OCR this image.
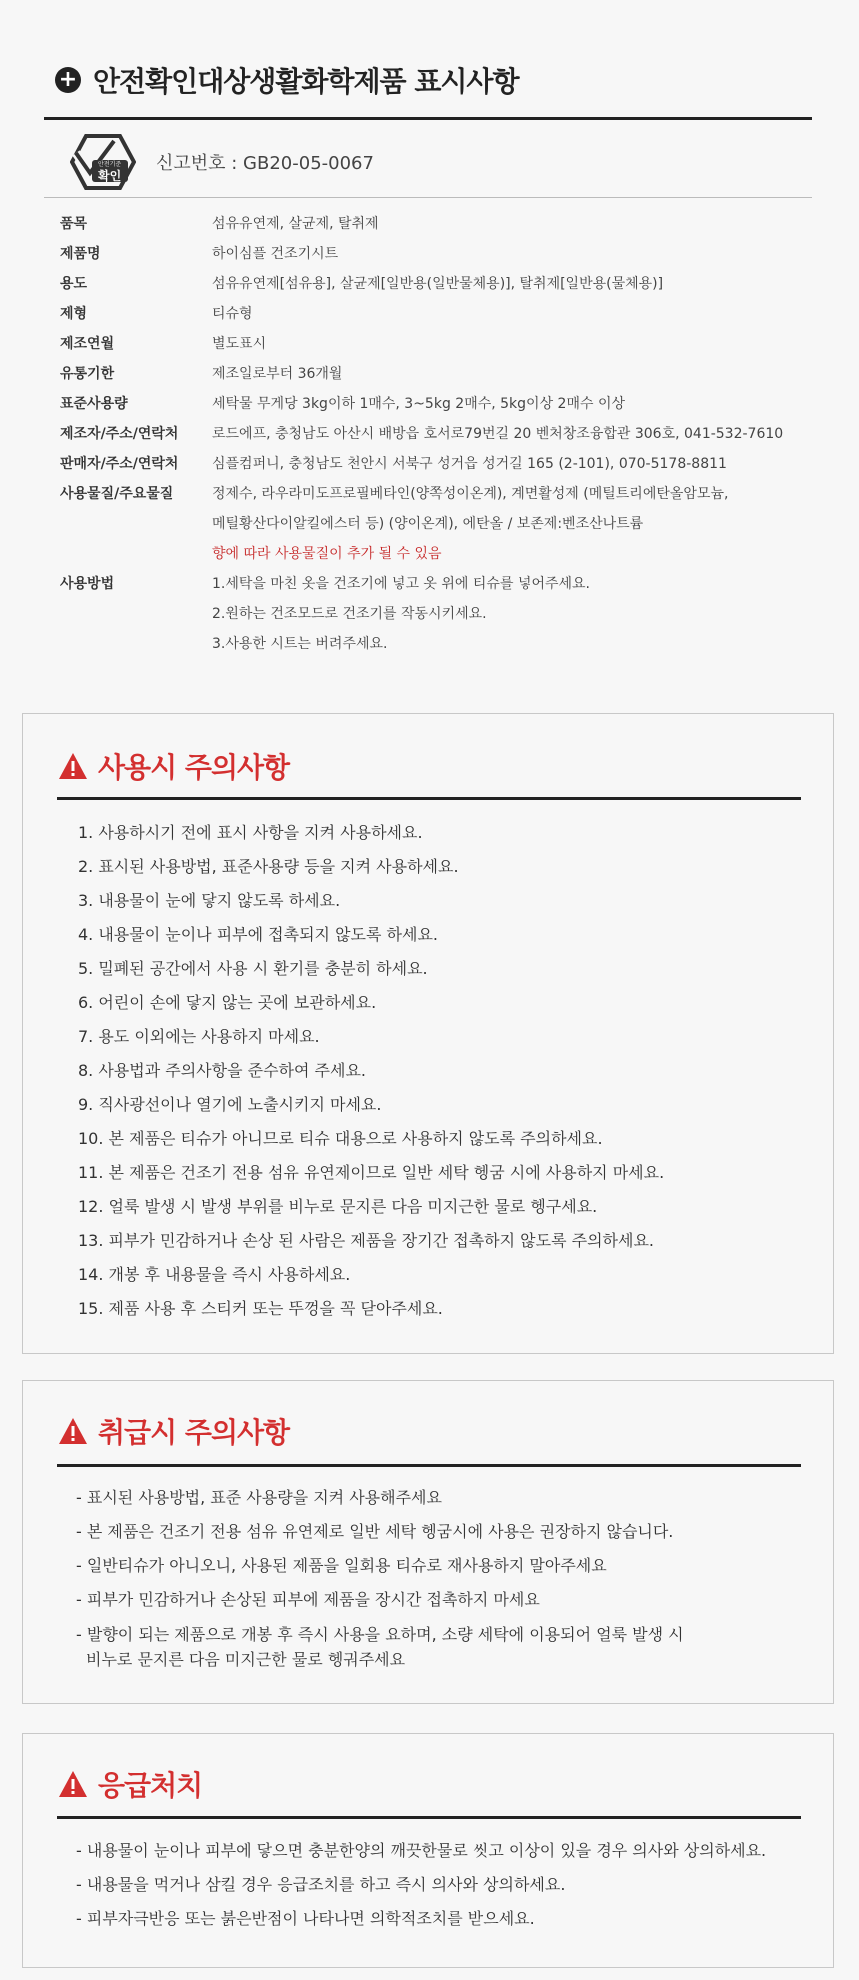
+ 안전확인대상생활화학제품 표시사항
안전기준
확인
신고번호 : GB20-05-0067
품목	섬유유연제, 살균제, 탈취제
제품명	하이심플 건조기시트
용도	섬유유연제[섬유용], 살균제[일반용(일반물체용)], 탈취제[일반용(물체용)]
제형	티슈형
제조연월	별도표시
유통기한	제조일로부터 36개월
표준사용량	세탁물 무게당 3kg이하 1매수, 3~5kg 2매수, 5kg이상 2매수 이상
제조자/주소/연락처	로드에프, 충청남도 아산시 배방읍 호서로79번길 20 벤처창조융합관 306호, 041-532-7610
판매자/주소/연락처	심플컴퍼니, 충청남도 천안시 서북구 성거읍 성거길 165 (2-101), 070-5178-8811
사용물질/주요물질	정제수, 라우라미도프로필베타인(양쪽성이온계), 계면활성제 (메틸트리에탄올암모늄,
메틸황산다이알킬에스터 등) (양이온계), 에탄올 / 보존제:벤조산나트륨
향에 따라 사용물질이 추가 될 수 있음
사용방법	1.세탁을 마친 옷을 건조기에 넣고 옷 위에 티슈를 넣어주세요.
2.원하는 건조모드로 건조기를 작동시키세요.
3.사용한 시트는 버려주세요.
사용시 주의사항
1. 사용하시기 전에 표시 사항을 지켜 사용하세요.
2. 표시된 사용방법, 표준사용량 등을 지켜 사용하세요.
3. 내용물이 눈에 닿지 않도록 하세요.
4. 내용물이 눈이나 피부에 접촉되지 않도록 하세요.
5. 밀폐된 공간에서 사용 시 환기를 충분히 하세요.
6. 어린이 손에 닿지 않는 곳에 보관하세요.
7. 용도 이외에는 사용하지 마세요.
8. 사용법과 주의사항을 준수하여 주세요.
9. 직사광선이나 열기에 노출시키지 마세요.
10. 본 제품은 티슈가 아니므로 티슈 대용으로 사용하지 않도록 주의하세요.
11. 본 제품은 건조기 전용 섬유 유연제이므로 일반 세탁 헹굼 시에 사용하지 마세요.
12. 얼룩 발생 시 발생 부위를 비누로 문지른 다음 미지근한 물로 헹구세요.
13. 피부가 민감하거나 손상 된 사람은 제품을 장기간 접촉하지 않도록 주의하세요.
14. 개봉 후 내용물을 즉시 사용하세요.
15. 제품 사용 후 스티커 또는 뚜껑을 꼭 닫아주세요.
취급시 주의사항
- 표시된 사용방법, 표준 사용량을 지켜 사용해주세요
- 본 제품은 건조기 전용 섬유 유연제로 일반 세탁 헹굼시에 사용은 권장하지 않습니다.
- 일반티슈가 아니오니, 사용된 제품을 일회용 티슈로 재사용하지 말아주세요
- 피부가 민감하거나 손상된 피부에 제품을 장시간 접촉하지 마세요
- 발향이 되는 제품으로 개봉 후 즉시 사용을 요하며, 소량 세탁에 이용되어 얼룩 발생 시
비누로 문지른 다음 미지근한 물로 헹궈주세요
응급처치
- 내용물이 눈이나 피부에 닿으면 충분한양의 깨끗한물로 씻고 이상이 있을 경우 의사와 상의하세요.
- 내용물을 먹거나 삼킬 경우 응급조치를 하고 즉시 의사와 상의하세요.
- 피부자극반응 또는 붉은반점이 나타나면 의학적조치를 받으세요.
